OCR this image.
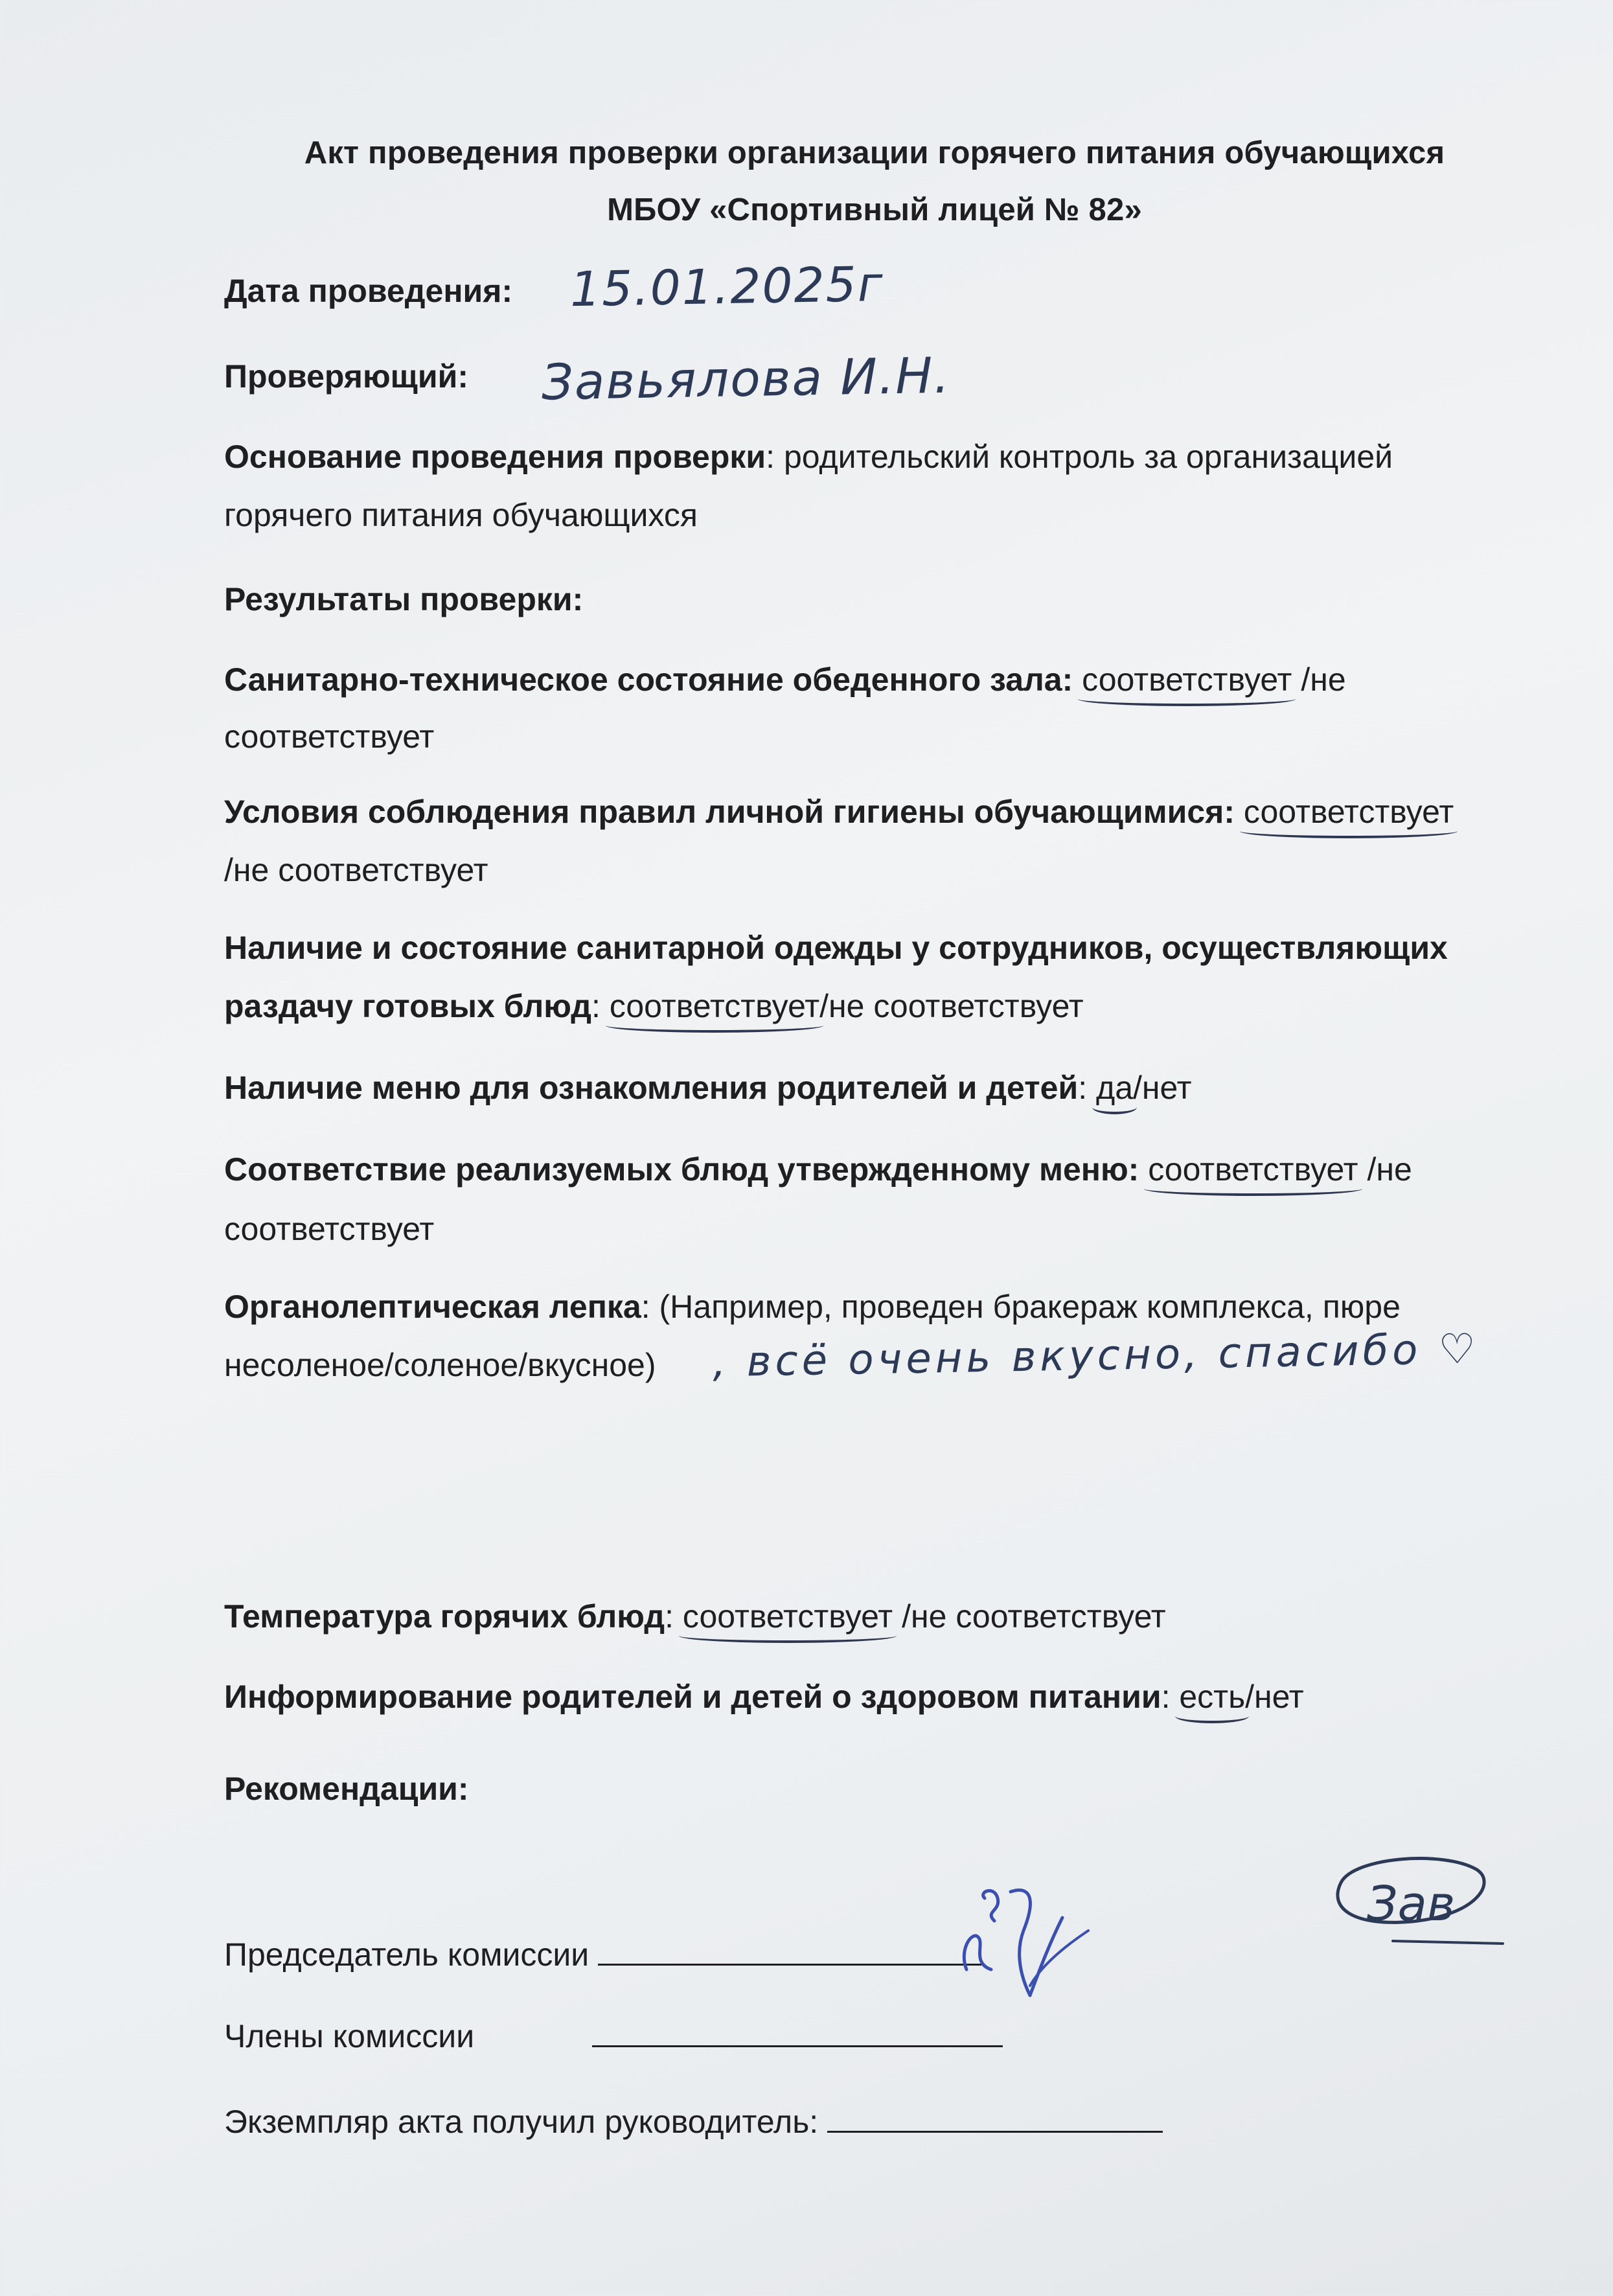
Акт проведения проверки организации горячего питания обучающихся
МБОУ «Спортивный лицей № 82»
Дата проведения: 15.01.2025г
Проверяющий: Завьялова И.Н.
Основание проведения проверки: родительский контроль за организацией
горячего питания обучающихся
Результаты проверки:
Санитарно-техническое состояние обеденного зала: соответствует /не
соответствует
Условия соблюдения правил личной гигиены обучающимися: соответствует
/не соответствует
Наличие и состояние санитарной одежды у сотрудников, осуществляющих
раздачу готовых блюд: соответствует/не соответствует
Наличие меню для ознакомления родителей и детей: да/нет
Соответствие реализуемых блюд утвержденному меню: соответствует /не
соответствует
Органолептическая лепка: (Например, проведен бракераж комплекса, пюре
несоленое/соленое/вкусное) , всё очень вкусно, спасибо ♡
Температура горячих блюд: соответствует /не соответствует
Информирование родителей и детей о здоровом питании: есть/нет
Рекомендации:
Председатель комиссии
Зав
Члены комиссии
Экземпляр акта получил руководитель:
